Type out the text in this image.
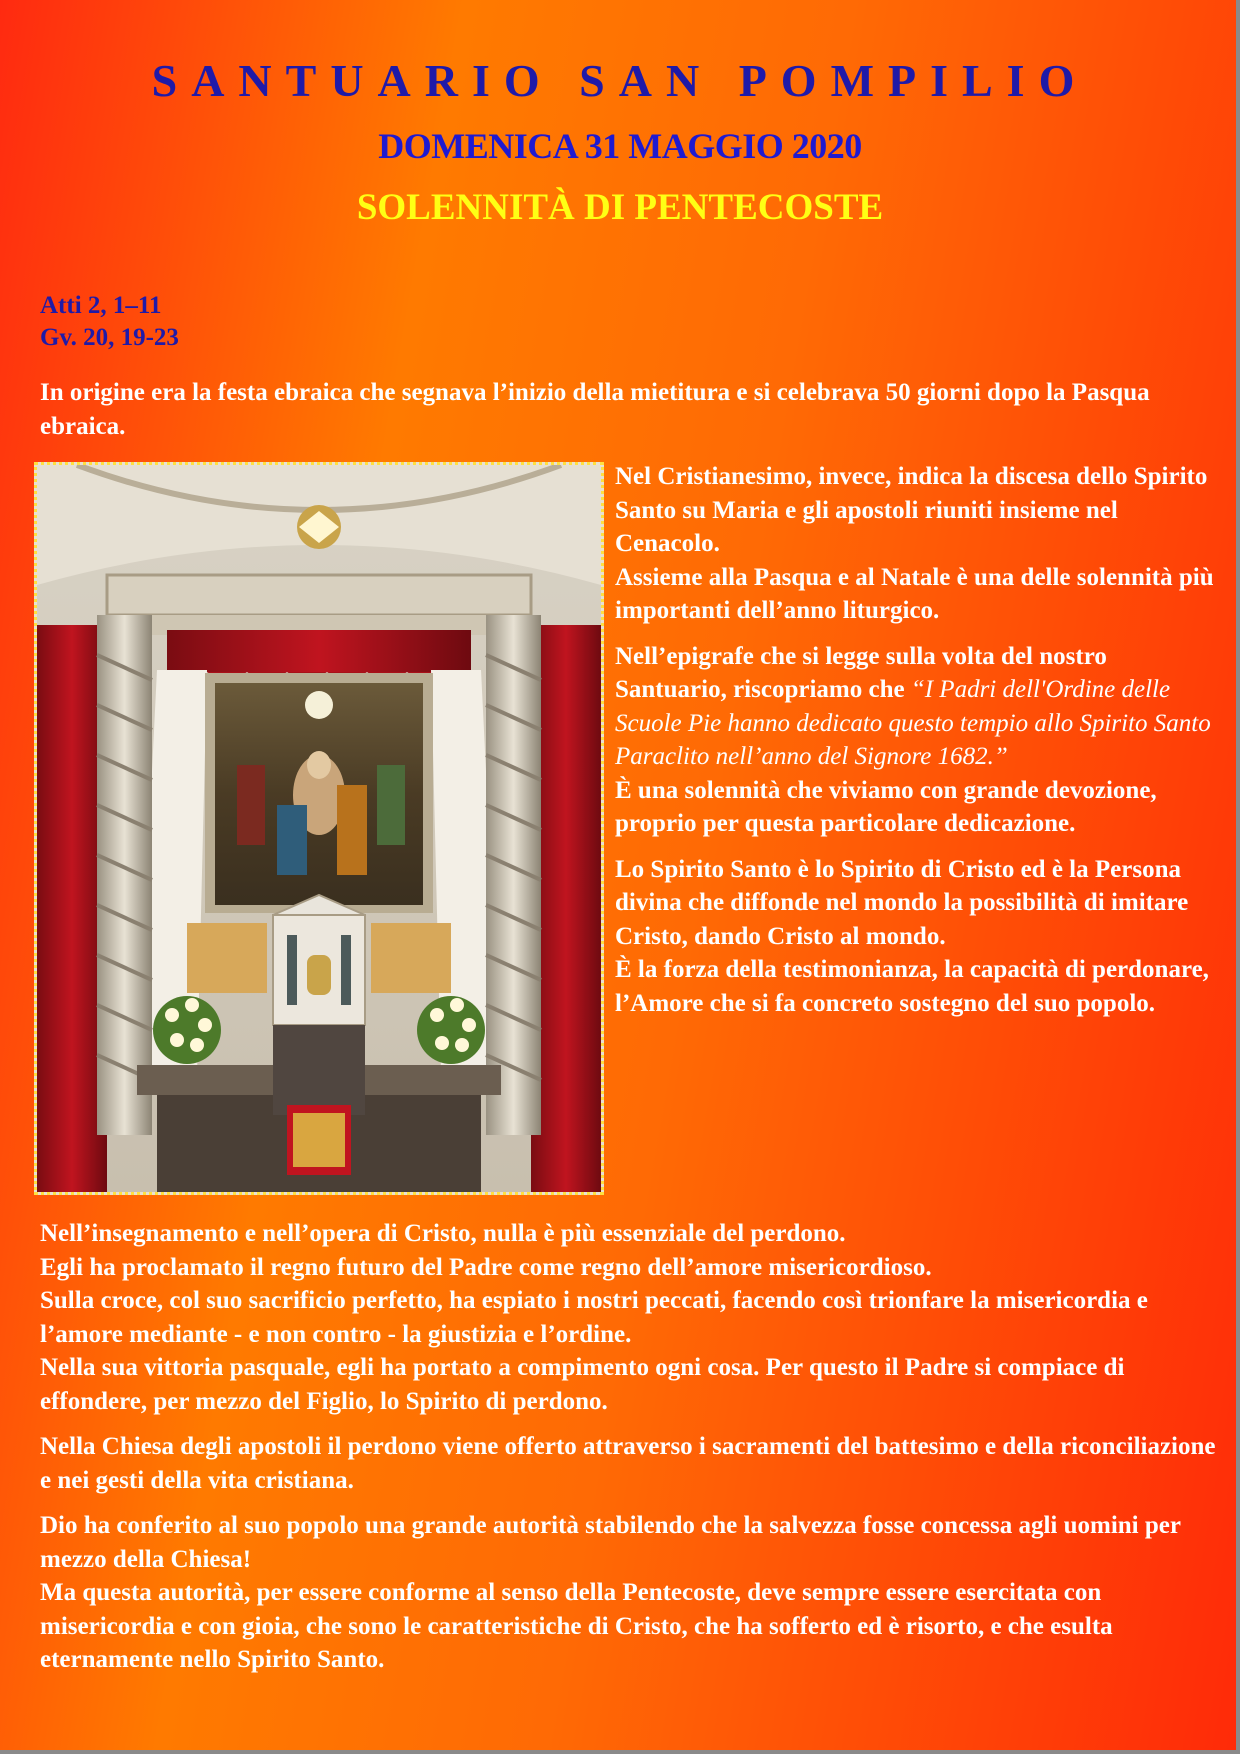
SANTUARIO SAN POMPILIO
DOMENICA 31 MAGGIO 2020
SOLENNITÀ DI PENTECOSTE
Atti 2, 1–11
Gv. 20, 19-23

In origine era la festa ebraica che segnava l’inizio della mietitura e si celebrava 50 giorni dopo la Pasqua ebraica.

Nel Cristianesimo, invece, indica la discesa dello Spirito Santo su Maria e gli apostoli riuniti insieme nel Cenacolo.

Assieme alla Pasqua e al Natale è una delle solennità più importanti dell’anno liturgico.

Nell’epigrafe che si legge sulla volta del nostro Santuario, riscopriamo che “I Padri dell'Ordine delle Scuole Pie hanno dedicato questo tempio allo Spirito Santo Paraclito nell’anno del Signore 1682.”

È una solennità che viviamo con grande devozione, proprio per questa particolare dedicazione.

Lo Spirito Santo è lo Spirito di Cristo ed è la Persona divina che diffonde nel mondo la possibilità di imitare Cristo, dando Cristo al mondo.

È la forza della testimonianza, la capacità di perdonare, l’Amore che si fa concreto sostegno del suo popolo.

Nell’insegnamento e nell’opera di Cristo, nulla è più essenziale del perdono.

Egli ha proclamato il regno futuro del Padre come regno dell’amore misericordioso.

Sulla croce, col suo sacrificio perfetto, ha espiato i nostri peccati, facendo così trionfare la misericordia e l’amore mediante - e non contro - la giustizia e l’ordine.

Nella sua vittoria pasquale, egli ha portato a compimento ogni cosa. Per questo il Padre si compiace di effondere, per mezzo del Figlio, lo Spirito di perdono.

Nella Chiesa degli apostoli il perdono viene offerto attraverso i sacramenti del battesimo e della riconciliazione e nei gesti della vita cristiana.

Dio ha conferito al suo popolo una grande autorità stabilendo che la salvezza fosse concessa agli uomini per mezzo della Chiesa!

Ma questa autorità, per essere conforme al senso della Pentecoste, deve sempre essere esercitata con misericordia e con gioia, che sono le caratteristiche di Cristo, che ha sofferto ed è risorto, e che esulta eternamente nello Spirito Santo.
